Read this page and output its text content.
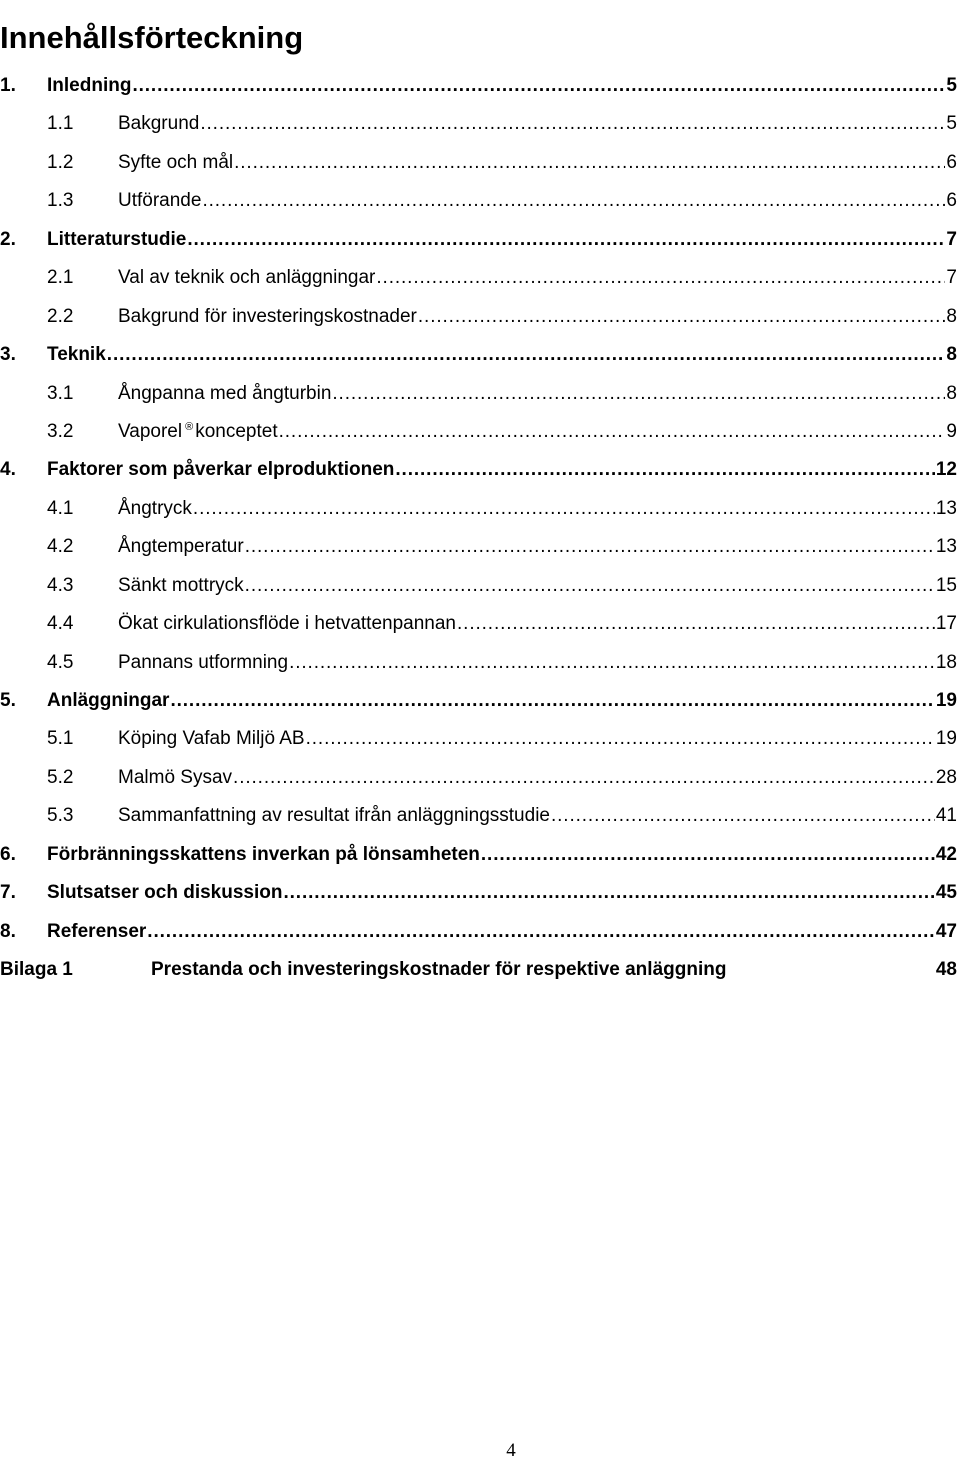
Innehållsförteckning
1.	Inledning . . .	5
1.1	Bakgrund . . .	5
1.2	Syfte och mål . . .	6
1.3	Utförande . . .	6
2.	Litteraturstudie . . .	7
2.1	Val av teknik och anläggningar . . .	7
2.2	Bakgrund för investeringskostnader . . .	8
3.	Teknik . . .	8
3.1	Ångpanna med ångturbin . . .	8
3.2	Vaporel ® konceptet . . .	9
4.	Faktorer som påverkar elproduktionen . . .	12
4.1	Ångtryck . . .	13
4.2	Ångtemperatur . . .	13
4.3	Sänkt mottryck . . .	15
4.4	Ökat cirkulationsflöde i hetvattenpannan . . .	17
4.5	Pannans utformning . . .	18
5.	Anläggningar . . .	19
5.1	Köping Vafab Miljö AB . . .	19
5.2	Malmö Sysav . . .	28
5.3	Sammanfattning av resultat ifrån anläggningsstudie . . .	41
6.	Förbränningsskattens inverkan på lönsamheten . . .	42
7.	Slutsatser och diskussion . . .	45
8.	Referenser . . .	47
Bilaga 1	Prestanda och investeringskostnader för respektive anläggning	48
4
